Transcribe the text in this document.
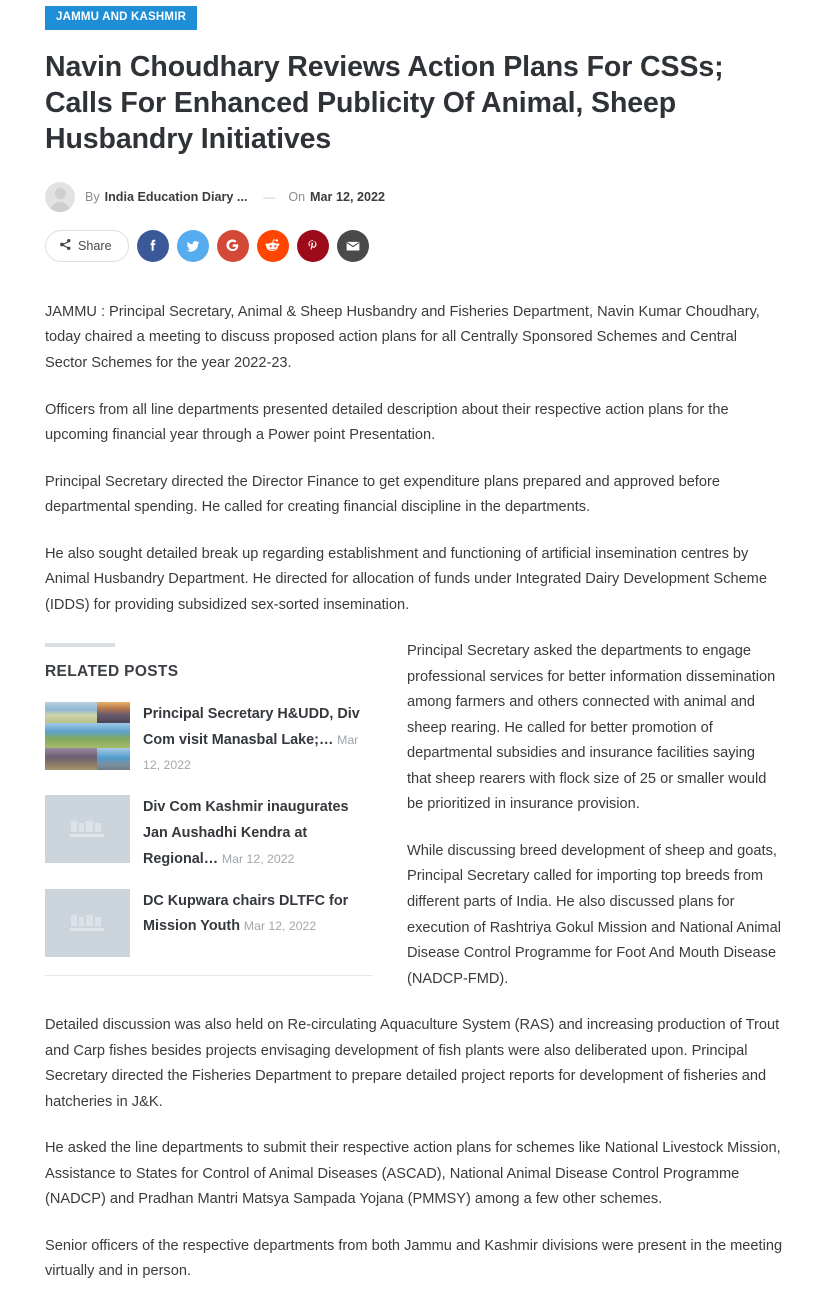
JAMMU AND KASHMIR
Navin Choudhary Reviews Action Plans For CSSs; Calls For Enhanced Publicity Of Animal, Sheep Husbandry Initiatives
By India Education Diary ... — On Mar 12, 2022
Share

JAMMU : Principal Secretary, Animal & Sheep Husbandry and Fisheries Department, Navin Kumar Choudhary, today chaired a meeting to discuss proposed action plans for all Centrally Sponsored Schemes and Central Sector Schemes for the year 2022-23.

Officers from all line departments presented detailed description about their respective action plans for the upcoming financial year through a Power point Presentation.

Principal Secretary directed the Director Finance to get expenditure plans prepared and approved before departmental spending. He called for creating financial discipline in the departments.

He also sought detailed break up regarding establishment and functioning of artificial insemination centres by Animal Husbandry Department. He directed for allocation of funds under Integrated Dairy Development Scheme (IDDS) for providing subsidized sex-sorted insemination.

RELATED POSTS
Principal Secretary H&UDD, Div Com visit Manasbal Lake;… Mar 12, 2022
Div Com Kashmir inaugurates Jan Aushadhi Kendra at Regional… Mar 12, 2022
DC Kupwara chairs DLTFC for Mission Youth Mar 12, 2022

Principal Secretary asked the departments to engage professional services for better information dissemination among farmers and others connected with animal and sheep rearing. He called for better promotion of departmental subsidies and insurance facilities saying that sheep rearers with flock size of 25 or smaller would be prioritized in insurance provision.

While discussing breed development of sheep and goats, Principal Secretary called for importing top breeds from different parts of India. He also discussed plans for execution of Rashtriya Gokul Mission and National Animal Disease Control Programme for Foot And Mouth Disease (NADCP-FMD).

Detailed discussion was also held on Re-circulating Aquaculture System (RAS) and increasing production of Trout and Carp fishes besides projects envisaging development of fish plants were also deliberated upon. Principal Secretary directed the Fisheries Department to prepare detailed project reports for development of fisheries and hatcheries in J&K.

He asked the line departments to submit their respective action plans for schemes like National Livestock Mission, Assistance to States for Control of Animal Diseases (ASCAD), National Animal Disease Control Programme (NADCP) and Pradhan Mantri Matsya Sampada Yojana (PMMSY) among a few other schemes.

Senior officers of the respective departments from both Jammu and Kashmir divisions were present in the meeting virtually and in person.
